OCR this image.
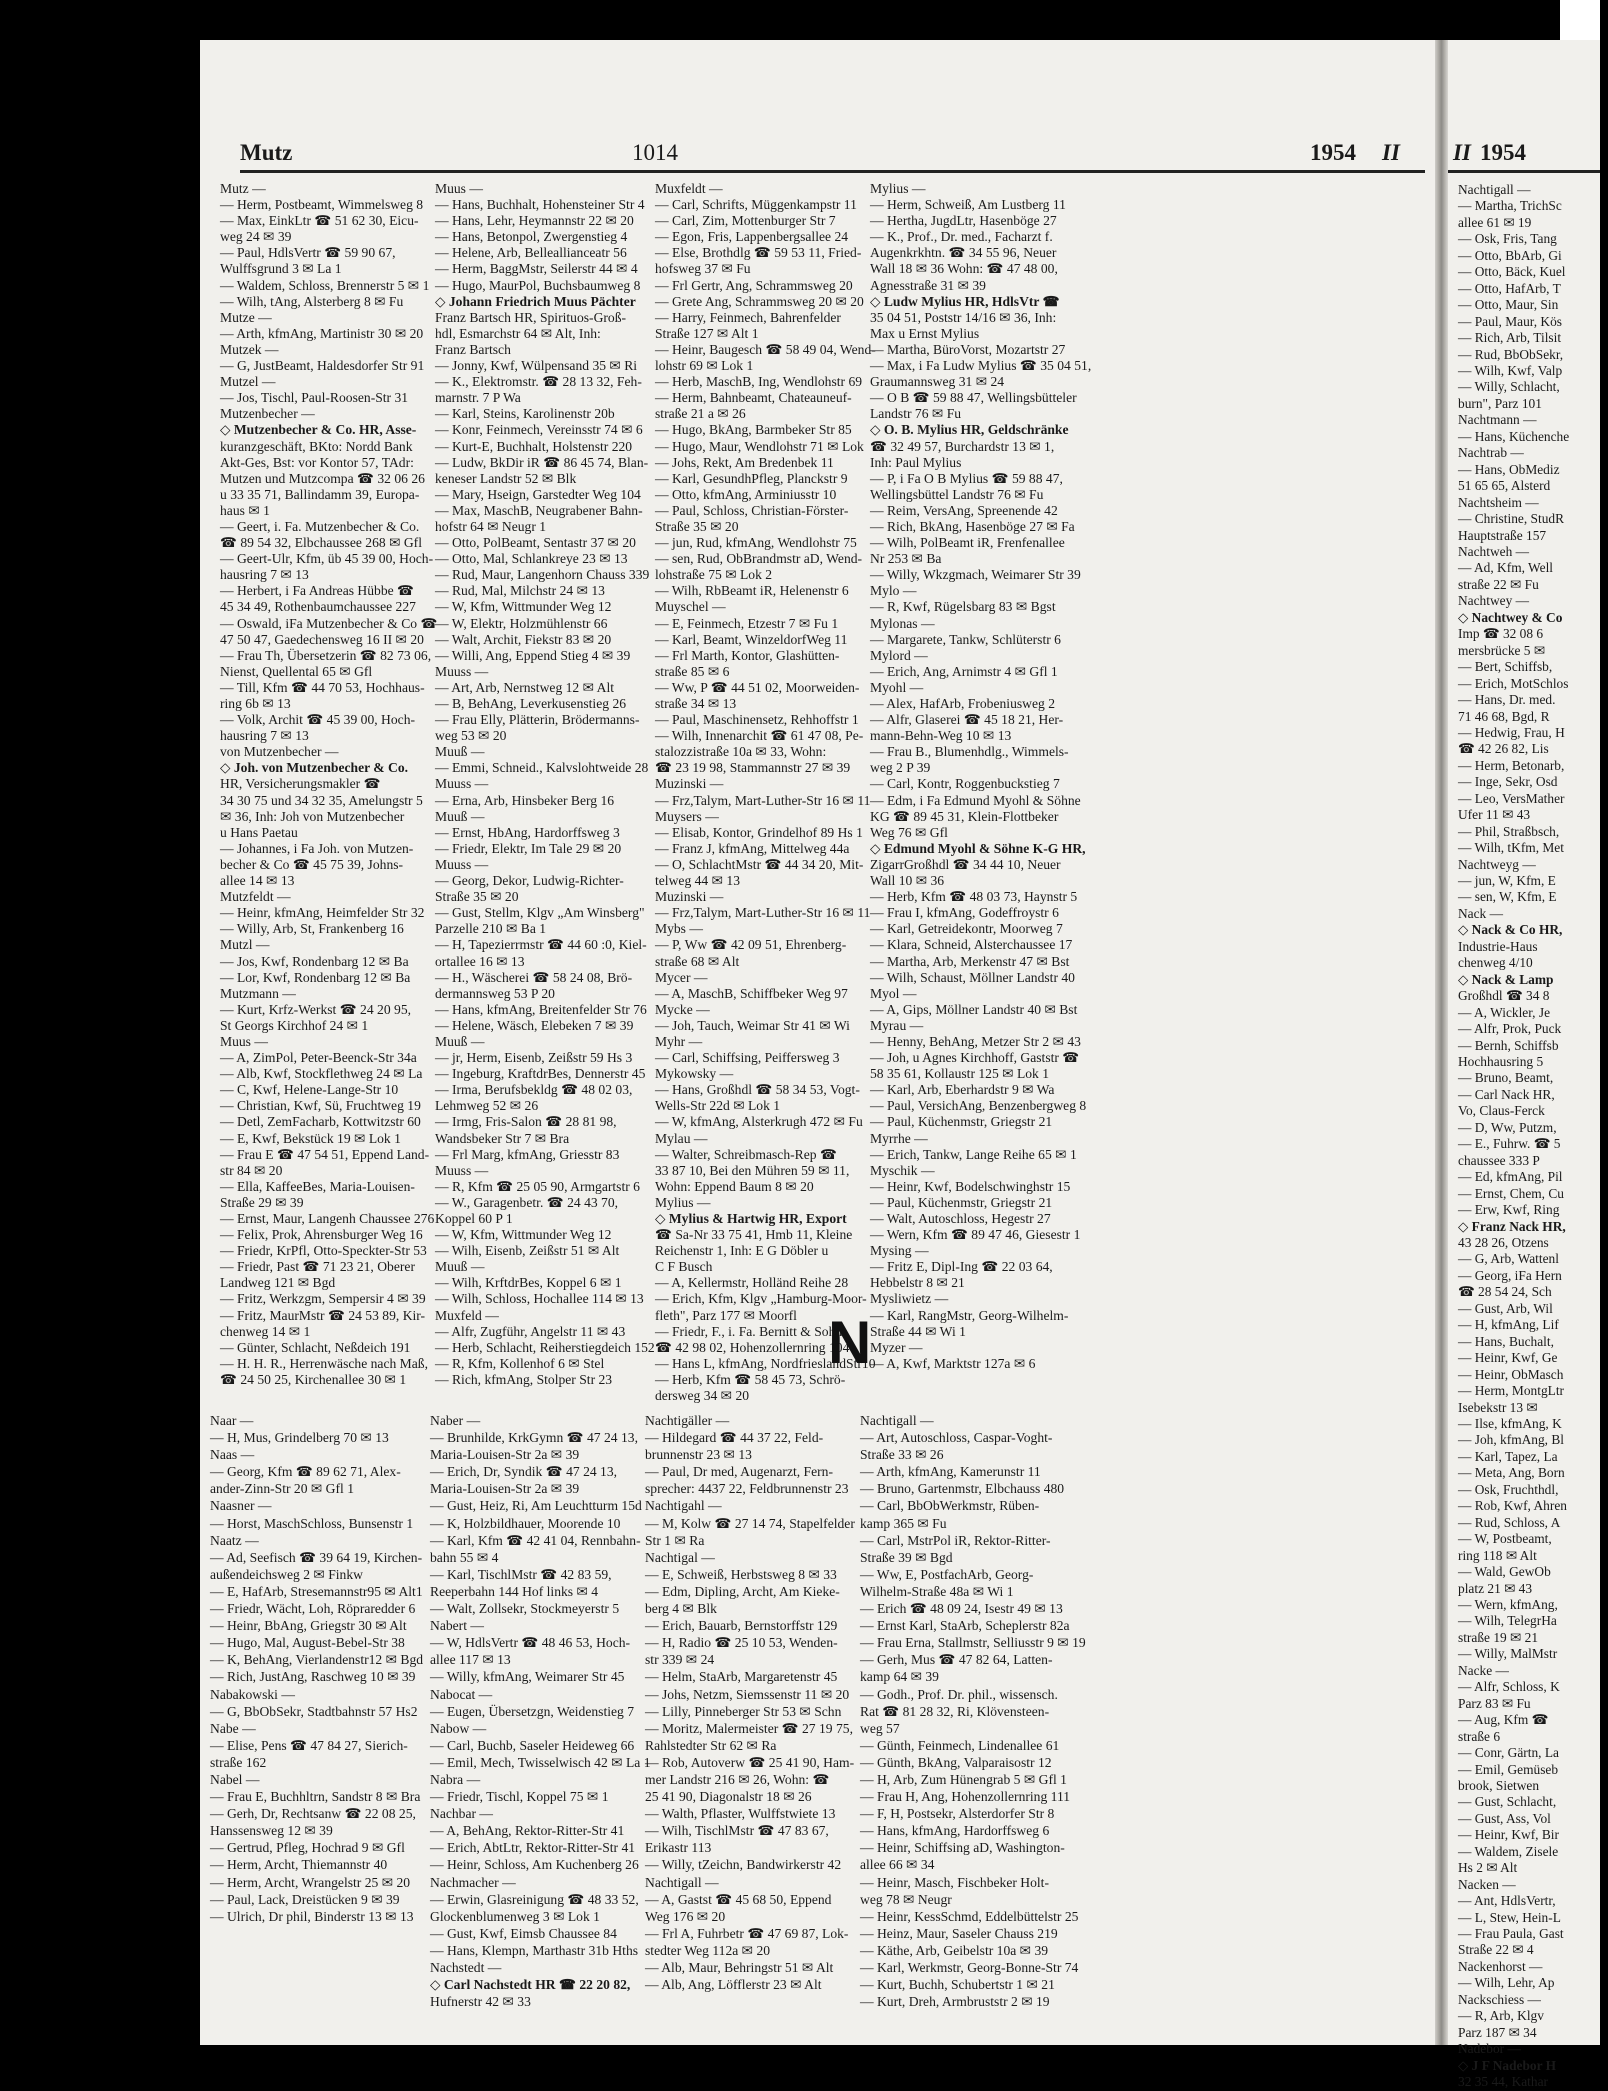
Mutz	1014	1954 II
Mutz —
— Herm, Postbeamt, Wimmelsweg 8
— Max, EinkLtr ☎ 51 62 30, Eicu-
weg 24 ✉ 39
— Paul, HdlsVertr ☎ 59 90 67,
Wulffsgrund 3 ✉ La 1
— Waldem, Schloss, Brennerstr 5 ✉ 1
— Wilh, tAng, Alsterberg 8 ✉ Fu
Mutze —
— Arth, kfmAng, Martinistr 30 ✉ 20
Mutzek —
— G, JustBeamt, Haldesdorfer Str 91
Mutzel —
— Jos, Tischl, Paul-Roosen-Str 31
Mutzenbecher —
◇ Mutzenbecher & Co. HR, Asse-
kuranzgeschäft, BKto: Nordd Bank
Akt-Ges, Bst: vor Kontor 57, TAdr:
Mutzen und Mutzcompa ☎ 32 06 26
u 33 35 71, Ballindamm 39, Europa-
haus ✉ 1
— Geert, i. Fa. Mutzenbecher & Co.
☎ 89 54 32, Elbchaussee 268 ✉ Gfl
— Geert-Ulr, Kfm, üb 45 39 00, Hoch-
hausring 7 ✉ 13
— Herbert, i Fa Andreas Hübbe ☎
45 34 49, Rothenbaumchaussee 227
— Oswald, iFa Mutzenbecher & Co ☎
47 50 47, Gaedechensweg 16 II ✉ 20
— Frau Th, Übersetzerin ☎ 82 73 06,
Nienst, Quellental 65 ✉ Gfl
— Till, Kfm ☎ 44 70 53, Hochhaus-
ring 6b ✉ 13
— Volk, Archit ☎ 45 39 00, Hoch-
hausring 7 ✉ 13
von Mutzenbecher —
◇ Joh. von Mutzenbecher & Co.
HR, Versicherungsmakler ☎
34 30 75 und 34 32 35, Amelungstr 5
✉ 36, Inh: Joh von Mutzenbecher
u Hans Paetau
— Johannes, i Fa Joh. von Mutzen-
becher & Co ☎ 45 75 39, Johns-
allee 14 ✉ 13
Mutzfeldt —
— Heinr, kfmAng, Heimfelder Str 32
— Willy, Arb, St, Frankenberg 16
Mutzl —
— Jos, Kwf, Rondenbarg 12 ✉ Ba
— Lor, Kwf, Rondenbarg 12 ✉ Ba
Mutzmann —
— Kurt, Krfz-Werkst ☎ 24 20 95,
St Georgs Kirchhof 24 ✉ 1
Muus —
— A, ZimPol, Peter-Beenck-Str 34a
— Alb, Kwf, Stockflethweg 24 ✉ La
— C, Kwf, Helene-Lange-Str 10
— Christian, Kwf, Sü, Fruchtweg 19
— Detl, ZemFacharb, Kottwitzstr 60
— E, Kwf, Bekstück 19 ✉ Lok 1
— Frau E ☎ 47 54 51, Eppend Land-
str 84 ✉ 20
— Ella, KaffeeBes, Maria-Louisen-
Straße 29 ✉ 39
— Ernst, Maur, Langenh Chaussee 276
— Felix, Prok, Ahrensburger Weg 16
— Friedr, KrPfl, Otto-Speckter-Str 53
— Friedr, Past ☎ 71 23 21, Oberer
Landweg 121 ✉ Bgd
— Fritz, Werkzgm, Sempersir 4 ✉ 39
— Fritz, MaurMstr ☎ 24 53 89, Kir-
chenweg 14 ✉ 1
— Günter, Schlacht, Neßdeich 191
— H. H. R., Herrenwäsche nach Maß,
☎ 24 50 25, Kirchenallee 30 ✉ 1
Muus —
— Hans, Buchhalt, Hohensteiner Str 4
— Hans, Lehr, Heymannstr 22 ✉ 20
— Hans, Betonpol, Zwergenstieg 4
— Helene, Arb, Belleallianceatr 56
— Herm, BaggMstr, Seilerstr 44 ✉ 4
— Hugo, MaurPol, Buchsbaumweg 8
◇ Johann Friedrich Muus Pächter
Franz Bartsch HR, Spirituos-Groß-
hdl, Esmarchstr 64 ✉ Alt, Inh:
Franz Bartsch
— Jonny, Kwf, Wülpensand 35 ✉ Ri
— K., Elektromstr. ☎ 28 13 32, Feh-
marnstr. 7 P Wa
— Karl, Steins, Karolinenstr 20b
— Konr, Feinmech, Vereinsstr 74 ✉ 6
— Kurt-E, Buchhalt, Holstenstr 220
— Ludw, BkDir iR ☎ 86 45 74, Blan-
keneser Landstr 52 ✉ Blk
— Mary, Hseign, Garstedter Weg 104
— Max, MaschB, Neugrabener Bahn-
hofstr 64 ✉ Neugr 1
— Otto, PolBeamt, Sentastr 37 ✉ 20
— Otto, Mal, Schlankreye 23 ✉ 13
— Rud, Maur, Langenhorn Chauss 339
— Rud, Mal, Milchstr 24 ✉ 13
— W, Kfm, Wittmunder Weg 12
— W, Elektr, Holzmühlenstr 66
— Walt, Archit, Fiekstr 83 ✉ 20
— Willi, Ang, Eppend Stieg 4 ✉ 39
Muuss —
— Art, Arb, Nernstweg 12 ✉ Alt
— B, BehAng, Leverkusenstieg 26
— Frau Elly, Plätterin, Brödermanns-
weg 53 ✉ 20
Muuß —
— Emmi, Schneid., Kalvslohtweide 28
Muuss —
— Erna, Arb, Hinsbeker Berg 16
Muuß —
— Ernst, HbAng, Hardorffsweg 3
— Friedr, Elektr, Im Tale 29 ✉ 20
Muuss —
— Georg, Dekor, Ludwig-Richter-
Straße 35 ✉ 20
— Gust, Stellm, Klgv „Am Winsberg"
Parzelle 210 ✉ Ba 1
— H, Tapezierrmstr ☎ 44 60 :0, Kiel-
ortallee 16 ✉ 13
— H., Wäscherei ☎ 58 24 08, Brö-
dermannsweg 53 P 20
— Hans, kfmAng, Breitenfelder Str 76
— Helene, Wäsch, Elebeken 7 ✉ 39
Muuß —
— jr, Herm, Eisenb, Zeißstr 59 Hs 3
— Ingeburg, KraftdrBes, Dennerstr 45
— Irma, Berufsbekldg ☎ 48 02 03,
Lehmweg 52 ✉ 26
— Irmg, Fris-Salon ☎ 28 81 98,
Wandsbeker Str 7 ✉ Bra
— Frl Marg, kfmAng, Griesstr 83
Muuss —
— R, Kfm ☎ 25 05 90, Armgartstr 6
— W., Garagenbetr. ☎ 24 43 70,
Koppel 60 P 1
— W, Kfm, Wittmunder Weg 12
— Wilh, Eisenb, Zeißstr 51 ✉ Alt
Muuß —
— Wilh, KrftdrBes, Koppel 6 ✉ 1
— Wilh, Schloss, Hochallee 114 ✉ 13
Muxfeld —
— Alfr, Zugführ, Angelstr 11 ✉ 43
— Herb, Schlacht, Reiherstiegdeich 152
— R, Kfm, Kollenhof 6 ✉ Stel
— Rich, kfmAng, Stolper Str 23
Muxfeldt —
— Carl, Schrifts, Müggenkampstr 11
— Carl, Zim, Mottenburger Str 7
— Egon, Fris, Lappenbergsallee 24
— Else, Brothdlg ☎ 59 53 11, Fried-
hofsweg 37 ✉ Fu
— Frl Gertr, Ang, Schrammsweg 20
— Grete Ang, Schrammsweg 20 ✉ 20
— Harry, Feinmech, Bahrenfelder
Straße 127 ✉ Alt 1
— Heinr, Baugesch ☎ 58 49 04, Wend-
lohstr 69 ✉ Lok 1
— Herb, MaschB, Ing, Wendlohstr 69
— Herm, Bahnbeamt, Chateauneuf-
straße 21 a ✉ 26
— Hugo, BkAng, Barmbeker Str 85
— Hugo, Maur, Wendlohstr 71 ✉ Lok
— Johs, Rekt, Am Bredenbek 11
— Karl, GesundhPfleg, Planckstr 9
— Otto, kfmAng, Arminiusstr 10
— Paul, Schloss, Christian-Förster-
Straße 35 ✉ 20
— jun, Rud, kfmAng, Wendlohstr 75
— sen, Rud, ObBrandmstr aD, Wend-
lohstraße 75 ✉ Lok 2
— Wilh, RbBeamt iR, Helenenstr 6
Muyschel —
— E, Feinmech, Etzestr 7 ✉ Fu 1
— Karl, Beamt, WinzeldorfWeg 11
— Frl Marth, Kontor, Glashütten-
straße 85 ✉ 6
— Ww, P ☎ 44 51 02, Moorweiden-
straße 34 ✉ 13
— Paul, Maschinensetz, Rehhoffstr 1
— Wilh, Innenarchit ☎ 61 47 08, Pe-
stalozzistraße 10a ✉ 33, Wohn:
☎ 23 19 98, Stammannstr 27 ✉ 39
Muzinski —
— Frz,Talym, Mart-Luther-Str 16 ✉ 11
Muysers —
— Elisab, Kontor, Grindelhof 89 Hs 1
— Franz J, kfmAng, Mittelweg 44a
— O, SchlachtMstr ☎ 44 34 20, Mit-
telweg 44 ✉ 13
Muzinski —
— Frz,Talym, Mart-Luther-Str 16 ✉ 11
Mybs —
— P, Ww ☎ 42 09 51, Ehrenberg-
straße 68 ✉ Alt
Mycer —
— A, MaschB, Schiffbeker Weg 97
Mycke —
— Joh, Tauch, Weimar Str 41 ✉ Wi
Myhr —
— Carl, Schiffsing, Peiffersweg 3
Mykowsky —
— Hans, Großhdl ☎ 58 34 53, Vogt-
Wells-Str 22d ✉ Lok 1
— W, kfmAng, Alsterkrugh 472 ✉ Fu
Mylau —
— Walter, Schreibmasch-Rep ☎
33 87 10, Bei den Mühren 59 ✉ 11,
Wohn: Eppend Baum 8 ✉ 20
Mylius —
◇ Mylius & Hartwig HR, Export
☎ Sa-Nr 33 75 41, Hmb 11, Kleine
Reichenstr 1, Inh: E G Döbler u
C F Busch
— A, Kellermstr, Holländ Reihe 28
— Erich, Kfm, Klgv „Hamburg-Moor-
fleth", Parz 177 ✉ Moorfl
— Friedr, F., i. Fa. Bernitt & Sohn
☎ 42 98 02, Hohenzollernring 104
— Hans L, kfmAng, NordfrieslandStr10
— Herb, Kfm ☎ 58 45 73, Schrö-
dersweg 34 ✉ 20
Mylius —
— Herm, Schweiß, Am Lustberg 11
— Hertha, JugdLtr, Hasenböge 27
— K., Prof., Dr. med., Facharzt f.
Augenkrkhtn. ☎ 34 55 96, Neuer
Wall 18 ✉ 36 Wohn: ☎ 47 48 00,
Agnesstraße 31 ✉ 39
◇ Ludw Mylius HR, HdlsVtr ☎
35 04 51, Poststr 14/16 ✉ 36, Inh:
Max u Ernst Mylius
— Martha, BüroVorst, Mozartstr 27
— Max, i Fa Ludw Mylius ☎ 35 04 51,
Graumannsweg 31 ✉ 24
— O B ☎ 59 88 47, Wellingsbütteler
Landstr 76 ✉ Fu
◇ O. B. Mylius HR, Geldschränke
☎ 32 49 57, Burchardstr 13 ✉ 1,
Inh: Paul Mylius
— P, i Fa O B Mylius ☎ 59 88 47,
Wellingsbüttel Landstr 76 ✉ Fu
— Reim, VersAng, Spreenende 42
— Rich, BkAng, Hasenböge 27 ✉ Fa
— Wilh, PolBeamt iR, Frenfenallee
Nr 253 ✉ Ba
— Willy, Wkzgmach, Weimarer Str 39
Mylo —
— R, Kwf, Rügelsbarg 83 ✉ Bgst
Mylonas —
— Margarete, Tankw, Schlüterstr 6
Mylord —
— Erich, Ang, Arnimstr 4 ✉ Gfl 1
Myohl —
— Alex, HafArb, Frobeniusweg 2
— Alfr, Glaserei ☎ 45 18 21, Her-
mann-Behn-Weg 10 ✉ 13
— Frau B., Blumenhdlg., Wimmels-
weg 2 P 39
— Carl, Kontr, Roggenbuckstieg 7
— Edm, i Fa Edmund Myohl & Söhne
KG ☎ 89 45 31, Klein-Flottbeker
Weg 76 ✉ Gfl
◇ Edmund Myohl & Söhne K-G HR,
ZigarrGroßhdl ☎ 34 44 10, Neuer
Wall 10 ✉ 36
— Herb, Kfm ☎ 48 03 73, Haynstr 5
— Frau I, kfmAng, Godeffroystr 6
— Karl, Getreidekontr, Moorweg 7
— Klara, Schneid, Alsterchaussee 17
— Martha, Arb, Merkenstr 47 ✉ Bst
— Wilh, Schaust, Möllner Landstr 40
Myol —
— A, Gips, Möllner Landstr 40 ✉ Bst
Myrau —
— Henny, BehAng, Metzer Str 2 ✉ 43
— Joh, u Agnes Kirchhoff, Gaststr ☎
58 35 61, Kollaustr 125 ✉ Lok 1
— Karl, Arb, Eberhardstr 9 ✉ Wa
— Paul, VersichAng, Benzenbergweg 8
— Paul, Küchenmstr, Griegstr 21
Myrrhe —
— Erich, Tankw, Lange Reihe 65 ✉ 1
Myschik —
— Heinr, Kwf, Bodelschwinghstr 15
— Paul, Küchenmstr, Griegstr 21
— Walt, Autoschloss, Hegestr 27
— Wern, Kfm ☎ 89 47 46, Giesestr 1
Mysing —
— Fritz E, Dipl-Ing ☎ 22 03 64,
Hebbelstr 8 ✉ 21
Mysliwietz —
— Karl, RangMstr, Georg-Wilhelm-
Straße 44 ✉ Wi 1
Myzer —
— A, Kwf, Marktstr 127a ✉ 6
N
Naar —
— H, Mus, Grindelberg 70 ✉ 13
Naas —
— Georg, Kfm ☎ 89 62 71, Alex-
ander-Zinn-Str 20 ✉ Gfl 1
Naasner —
— Horst, MaschSchloss, Bunsenstr 1
Naatz —
— Ad, Seefisch ☎ 39 64 19, Kirchen-
außendeichsweg 2 ✉ Finkw
— E, HafArb, Stresemannstr95 ✉ Alt1
— Friedr, Wächt, Loh, Röpraredder 6
— Heinr, BbAng, Griegstr 30 ✉ Alt
— Hugo, Mal, August-Bebel-Str 38
— K, BehAng, Vierlandenstr12 ✉ Bgd
— Rich, JustAng, Raschweg 10 ✉ 39
Nabakowski —
— G, BbObSekr, Stadtbahnstr 57 Hs2
Nabe —
— Elise, Pens ☎ 47 84 27, Sierich-
straße 162
Nabel —
— Frau E, Buchhltrn, Sandstr 8 ✉ Bra
— Gerh, Dr, Rechtsanw ☎ 22 08 25,
Hanssensweg 12 ✉ 39
— Gertrud, Pfleg, Hochrad 9 ✉ Gfl
— Herm, Archt, Thiemannstr 40
— Herm, Archt, Wrangelstr 25 ✉ 20
— Paul, Lack, Dreistücken 9 ✉ 39
— Ulrich, Dr phil, Binderstr 13 ✉ 13
Naber —
— Brunhilde, KrkGymn ☎ 47 24 13,
Maria-Louisen-Str 2a ✉ 39
— Erich, Dr, Syndik ☎ 47 24 13,
Maria-Louisen-Str 2a ✉ 39
— Gust, Heiz, Ri, Am Leuchtturm 15d
— K, Holzbildhauer, Moorende 10
— Karl, Kfm ☎ 42 41 04, Rennbahn-
bahn 55 ✉ 4
— Karl, TischlMstr ☎ 42 83 59,
Reeperbahn 144 Hof links ✉ 4
— Walt, Zollsekr, Stockmeyerstr 5
Nabert —
— W, HdlsVertr ☎ 48 46 53, Hoch-
allee 117 ✉ 13
— Willy, kfmAng, Weimarer Str 45
Nabocat —
— Eugen, Übersetzgn, Weidenstieg 7
Nabow —
— Carl, Buchb, Saseler Heideweg 66
— Emil, Mech, Twisselwisch 42 ✉ La 1
Nabra —
— Friedr, Tischl, Koppel 75 ✉ 1
Nachbar —
— A, BehAng, Rektor-Ritter-Str 41
— Erich, AbtLtr, Rektor-Ritter-Str 41
— Heinr, Schloss, Am Kuchenberg 26
Nachmacher —
— Erwin, Glasreinigung ☎ 48 33 52,
Glockenblumenweg 3 ✉ Lok 1
— Gust, Kwf, Eimsb Chaussee 84
— Hans, Klempn, Marthastr 31b Hths
Nachstedt —
◇ Carl Nachstedt HR ☎ 22 20 82,
Hufnerstr 42 ✉ 33
Nachtigäller —
— Hildegard ☎ 44 37 22, Feld-
brunnenstr 23 ✉ 13
— Paul, Dr med, Augenarzt, Fern-
sprecher: 4437 22, Feldbrunnenstr 23
Nachtigahl —
— M, Kolw ☎ 27 14 74, Stapelfelder
Str 1 ✉ Ra
Nachtigal —
— E, Schweiß, Herbstsweg 8 ✉ 33
— Edm, Dipling, Archt, Am Kieke-
berg 4 ✉ Blk
— Erich, Bauarb, Bernstorffstr 129
— H, Radio ☎ 25 10 53, Wenden-
str 339 ✉ 24
— Helm, StaArb, Margaretenstr 45
— Johs, Netzm, Siemssenstr 11 ✉ 20
— Lilly, Pinneberger Str 53 ✉ Schn
— Moritz, Malermeister ☎ 27 19 75,
Rahlstedter Str 62 ✉ Ra
— Rob, Autoverw ☎ 25 41 90, Ham-
mer Landstr 216 ✉ 26, Wohn: ☎
25 41 90, Diagonalstr 18 ✉ 26
— Walth, Pflaster, Wulffstwiete 13
— Wilh, TischlMstr ☎ 47 83 67,
Erikastr 113
— Willy, tZeichn, Bandwirkerstr 42
Nachtigall —
— A, Gastst ☎ 45 68 50, Eppend
Weg 176 ✉ 20
— Frl A, Fuhrbetr ☎ 47 69 87, Lok-
stedter Weg 112a ✉ 20
— Alb, Maur, Behringstr 51 ✉ Alt
— Alb, Ang, Löfflerstr 23 ✉ Alt
Nachtigall —
— Art, Autoschloss, Caspar-Voght-
Straße 33 ✉ 26
— Arth, kfmAng, Kamerunstr 11
— Bruno, Gartenmstr, Elbchauss 480
— Carl, BbObWerkmstr, Rüben-
kamp 365 ✉ Fu
— Carl, MstrPol iR, Rektor-Ritter-
Straße 39 ✉ Bgd
— Ww, E, PostfachArb, Georg-
Wilhelm-Straße 48a ✉ Wi 1
— Erich ☎ 48 09 24, Isestr 49 ✉ 13
— Ernst Karl, StaArb, Scheplerstr 82a
— Frau Erna, Stallmstr, Selliusstr 9 ✉ 19
— Gerh, Mus ☎ 47 82 64, Latten-
kamp 64 ✉ 39
— Godh., Prof. Dr. phil., wissensch.
Rat ☎ 81 28 32, Ri, Klövensteen-
weg 57
— Günth, Feinmech, Lindenallee 61
— Günth, BkAng, Valparaisostr 12
— H, Arb, Zum Hünengrab 5 ✉ Gfl 1
— Frau H, Ang, Hohenzollernring 111
— F, H, Postsekr, Alsterdorfer Str 8
— Hans, kfmAng, Hardorffsweg 6
— Heinr, Schiffsing aD, Washington-
allee 66 ✉ 34
— Heinr, Masch, Fischbeker Holt-
weg 78 ✉ Neugr
— Heinr, KessSchmd, Eddelbüttelstr 25
— Heinz, Maur, Saseler Chauss 219
— Käthe, Arb, Geibelstr 10a ✉ 39
— Karl, Werkmstr, Georg-Bonne-Str 74
— Kurt, Buchh, Schubertstr 1 ✉ 21
— Kurt, Dreh, Armbruststr 2 ✉ 19
II 1954
Nachtigall —
— Martha, TrichSc
allee 61 ✉ 19
— Osk, Fris, Tang
— Otto, BbArb, Gi
— Otto, Bäck, Kuel
— Otto, HafArb, T
— Otto, Maur, Sin
— Paul, Maur, Kös
— Rich, Arb, Tilsit
— Rud, BbObSekr,
— Wilh, Kwf, Valp
— Willy, Schlacht,
burn", Parz 101
Nachtmann —
— Hans, Küchenche
Nachtrab —
— Hans, ObMediz
51 65 65, Alsterd
Nachtsheim —
— Christine, StudR
Hauptstraße 157
Nachtweh —
— Ad, Kfm, Well
straße 22 ✉ Fu
Nachtwey —
◇ Nachtwey & Co
Imp ☎ 32 08 6
mersbrücke 5 ✉
— Bert, Schiffsb,
— Erich, MotSchlos
— Hans, Dr. med.
71 46 68, Bgd, R
— Hedwig, Frau, H
☎ 42 26 82, Lis
— Herm, Betonarb,
— Inge, Sekr, Osd
— Leo, VersMather
Ufer 11 ✉ 43
— Phil, Straßbsch,
— Wilh, tKfm, Met
Nachtweyg —
— jun, W, Kfm, E
— sen, W, Kfm, E
Nack —
◇ Nack & Co HR,
Industrie-Haus
chenweg 4/10
◇ Nack & Lamp
Großhdl ☎ 34 8
— A, Wickler, Je
— Alfr, Prok, Puck
— Bernh, Schiffsb
Hochhausring 5
— Bruno, Beamt,
— Carl Nack HR,
Vo, Claus-Ferck
— D, Ww, Putzm,
— E., Fuhrw. ☎ 5
chaussee 333 P
— Ed, kfmAng, Pil
— Ernst, Chem, Cu
— Erw, Kwf, Ring
◇ Franz Nack HR,
43 28 26, Otzens
— G, Arb, Wattenl
— Georg, iFa Hern
☎ 28 54 24, Sch
— Gust, Arb, Wil
— H, kfmAng, Lif
— Hans, Buchalt,
— Heinr, Kwf, Ge
— Heinr, ObMasch
— Herm, MontgLtr
Isebekstr 13 ✉
— Ilse, kfmAng, K
— Joh, kfmAng, Bl
— Karl, Tapez, La
— Meta, Ang, Born
— Osk, Fruchthdl,
— Rob, Kwf, Ahren
— Rud, Schloss, A
— W, Postbeamt,
ring 118 ✉ Alt
— Wald, GewOb
platz 21 ✉ 43
— Wern, kfmAng,
— Wilh, TelegrHa
straße 19 ✉ 21
— Willy, MalMstr
Nacke —
— Alfr, Schloss, K
Parz 83 ✉ Fu
— Aug, Kfm ☎
straße 6
— Conr, Gärtn, La
— Emil, Gemüseb
brook, Sietwen
— Gust, Schlacht,
— Gust, Ass, Vol
— Heinr, Kwf, Bir
— Waldem, Zisele
Hs 2 ✉ Alt
Nacken —
— Ant, HdlsVertr,
— L, Stew, Hein-L
— Frau Paula, Gast
Straße 22 ✉ 4
Nackenhorst —
— Wilh, Lehr, Ap
Nackschiess —
— R, Arb, Klgv
Parz 187 ✉ 34
Nadebor —
◇ J F Nadebor H
32 35 44, Kathar
